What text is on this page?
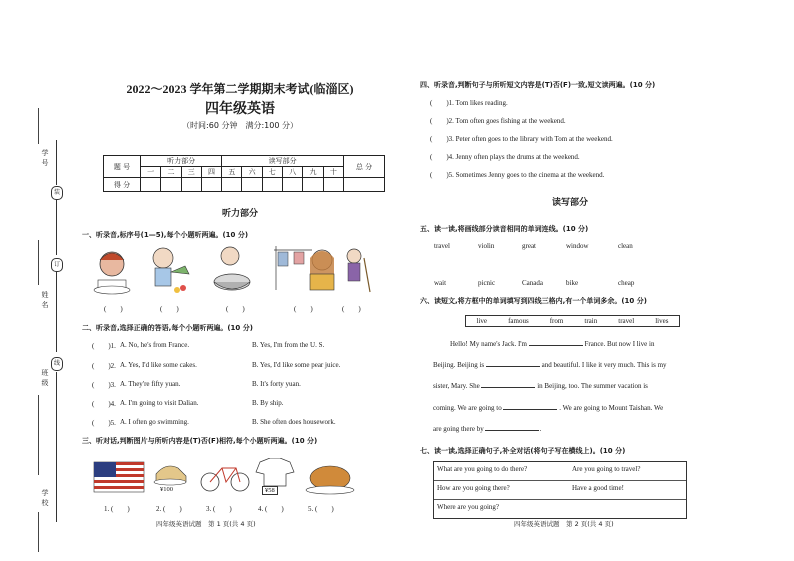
装
订
线
学号
姓名
班级
学校
2022～2023 学年第二学期期末考试(临淄区)
四年级英语
（时间:60 分钟　满分:100 分）
题 号	听力部分				读写部分						总 分
	一	二	三	四	五	六	七	八	九	十	
得 分											
听力部分
一、听录音,标序号(1—5),每个小题听两遍。(10 分)
(　　)	(　　)	(　　)	(　　)	(　　)
二、听录音,选择正确的答语,每个小题听两遍。(10 分)
(　　)1. A. No, he's from France.	B. Yes, I'm from the U. S.
(　　)2. A. Yes, I'd like some cakes.	B. Yes, I'd like some pear juice.
(　　)3. A. They're fifty yuan.	B. It's forty yuan.
(　　)4. A. I'm going to visit Dalian.	B. By ship.
(　　)5. A. I often go swimming.	B. She often does housework.
三、听对话,判断图片与所听内容是(T)否(F)相符,每个小题听两遍。(10 分)
¥100	¥58
1. (　　)	2. (　　)	3. (　　)	4. (　　)	5. (　　)
四年级英语试题　第 1 页(共 4 页)
四、听录音,判断句子与所听短文内容是(T)否(F)一致,短文读两遍。(10 分)
(　　)1. Tom likes reading.
(　　)2. Tom often goes fishing at the weekend.
(　　)3. Peter often goes to the library with Tom at the weekend.
(　　)4. Jenny often plays the drums at the weekend.
(　　)5. Sometimes Jenny goes to the cinema at the weekend.
读写部分
五、读一读,将画线部分读音相同的单词连线。(10 分)
travel	violin	great	window	clean
wait	picnic	Canada	bike	cheap
六、读短文,将方框中的单词填写到四线三格内,有一个单词多余。(10 分)
live	famous	from	train	travel	lives
Hello! My name's Jack. I'm	France. But now I live in
Beijing. Beijing is	and beautiful. I like it very much. This is my
sister, Mary. She	in Beijing, too. The summer vacation is
coming. We are going to	. We are going to Mount Taishan. We
are going there by	.
七、读一读,选择正确句子,补全对话(将句子写在横线上)。(10 分)
What are you going to do there?	Are you going to travel?
How are you going there?	Have a good time!
Where are you going?
四年级英语试题　第 2 页(共 4 页)
